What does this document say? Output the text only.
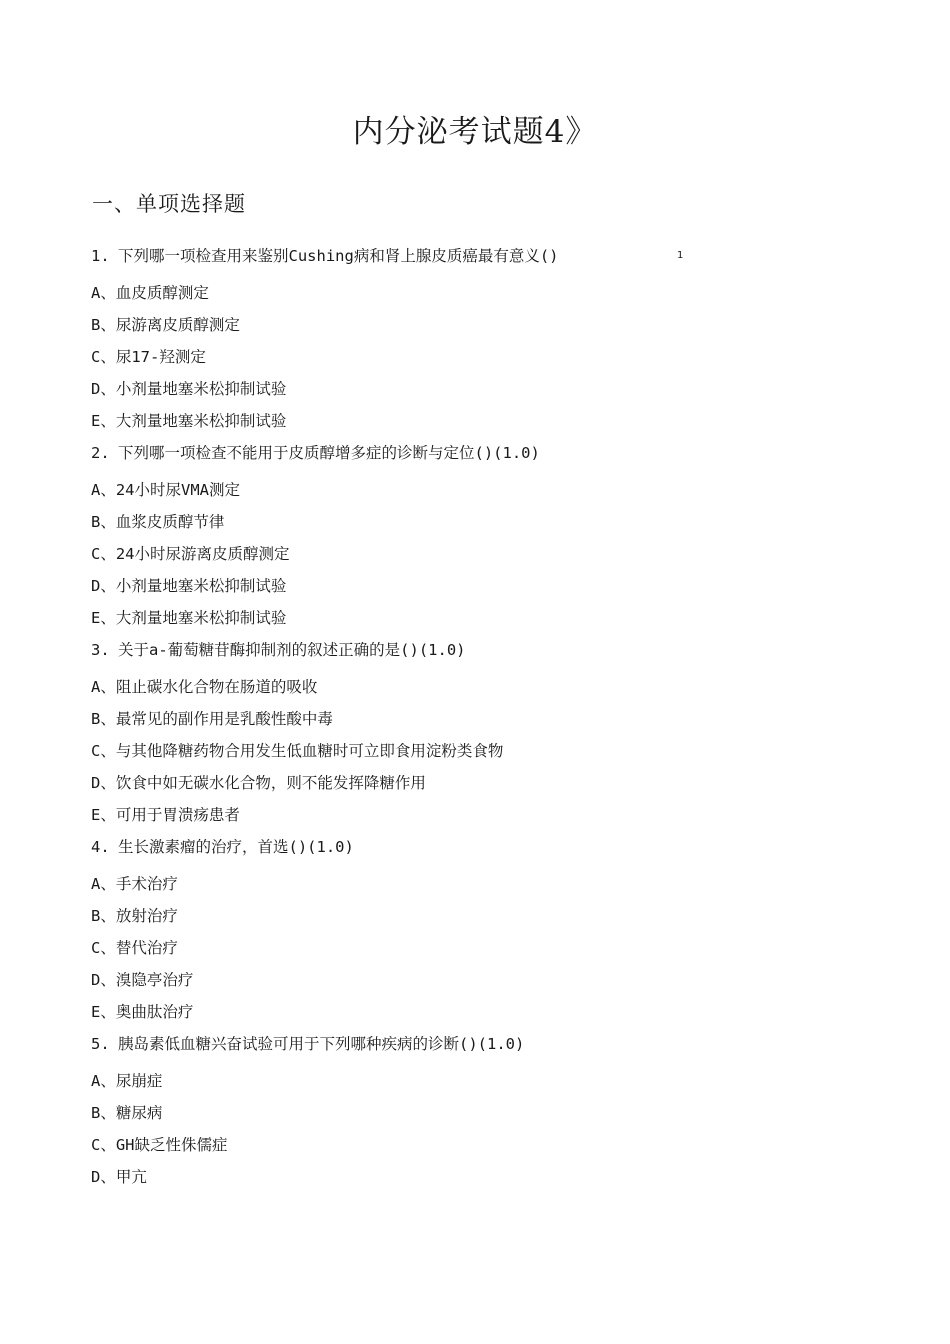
内分泌考试题4》
一、单项选择题
1
1. 下列哪一项检查用来鉴别Cushing病和肾上腺皮质癌最有意义()
A、血皮质醇测定
B、尿游离皮质醇测定
C、尿17-羟测定
D、小剂量地塞米松抑制试验
E、大剂量地塞米松抑制试验
2. 下列哪一项检查不能用于皮质醇增多症的诊断与定位()(1.0)
A、24小时尿VMA测定
B、血浆皮质醇节律
C、24小时尿游离皮质醇测定
D、小剂量地塞米松抑制试验
E、大剂量地塞米松抑制试验
3. 关于a-葡萄糖苷酶抑制剂的叙述正确的是()(1.0)
A、阻止碳水化合物在肠道的吸收
B、最常见的副作用是乳酸性酸中毒
C、与其他降糖药物合用发生低血糖时可立即食用淀粉类食物
D、饮食中如无碳水化合物，则不能发挥降糖作用
E、可用于胃溃疡患者
4. 生长激素瘤的治疗，首选()(1.0)
A、手术治疗
B、放射治疗
C、替代治疗
D、溴隐亭治疗
E、奥曲肽治疗
5. 胰岛素低血糖兴奋试验可用于下列哪种疾病的诊断()(1.0)
A、尿崩症
B、糖尿病
C、GH缺乏性侏儒症
D、甲亢
